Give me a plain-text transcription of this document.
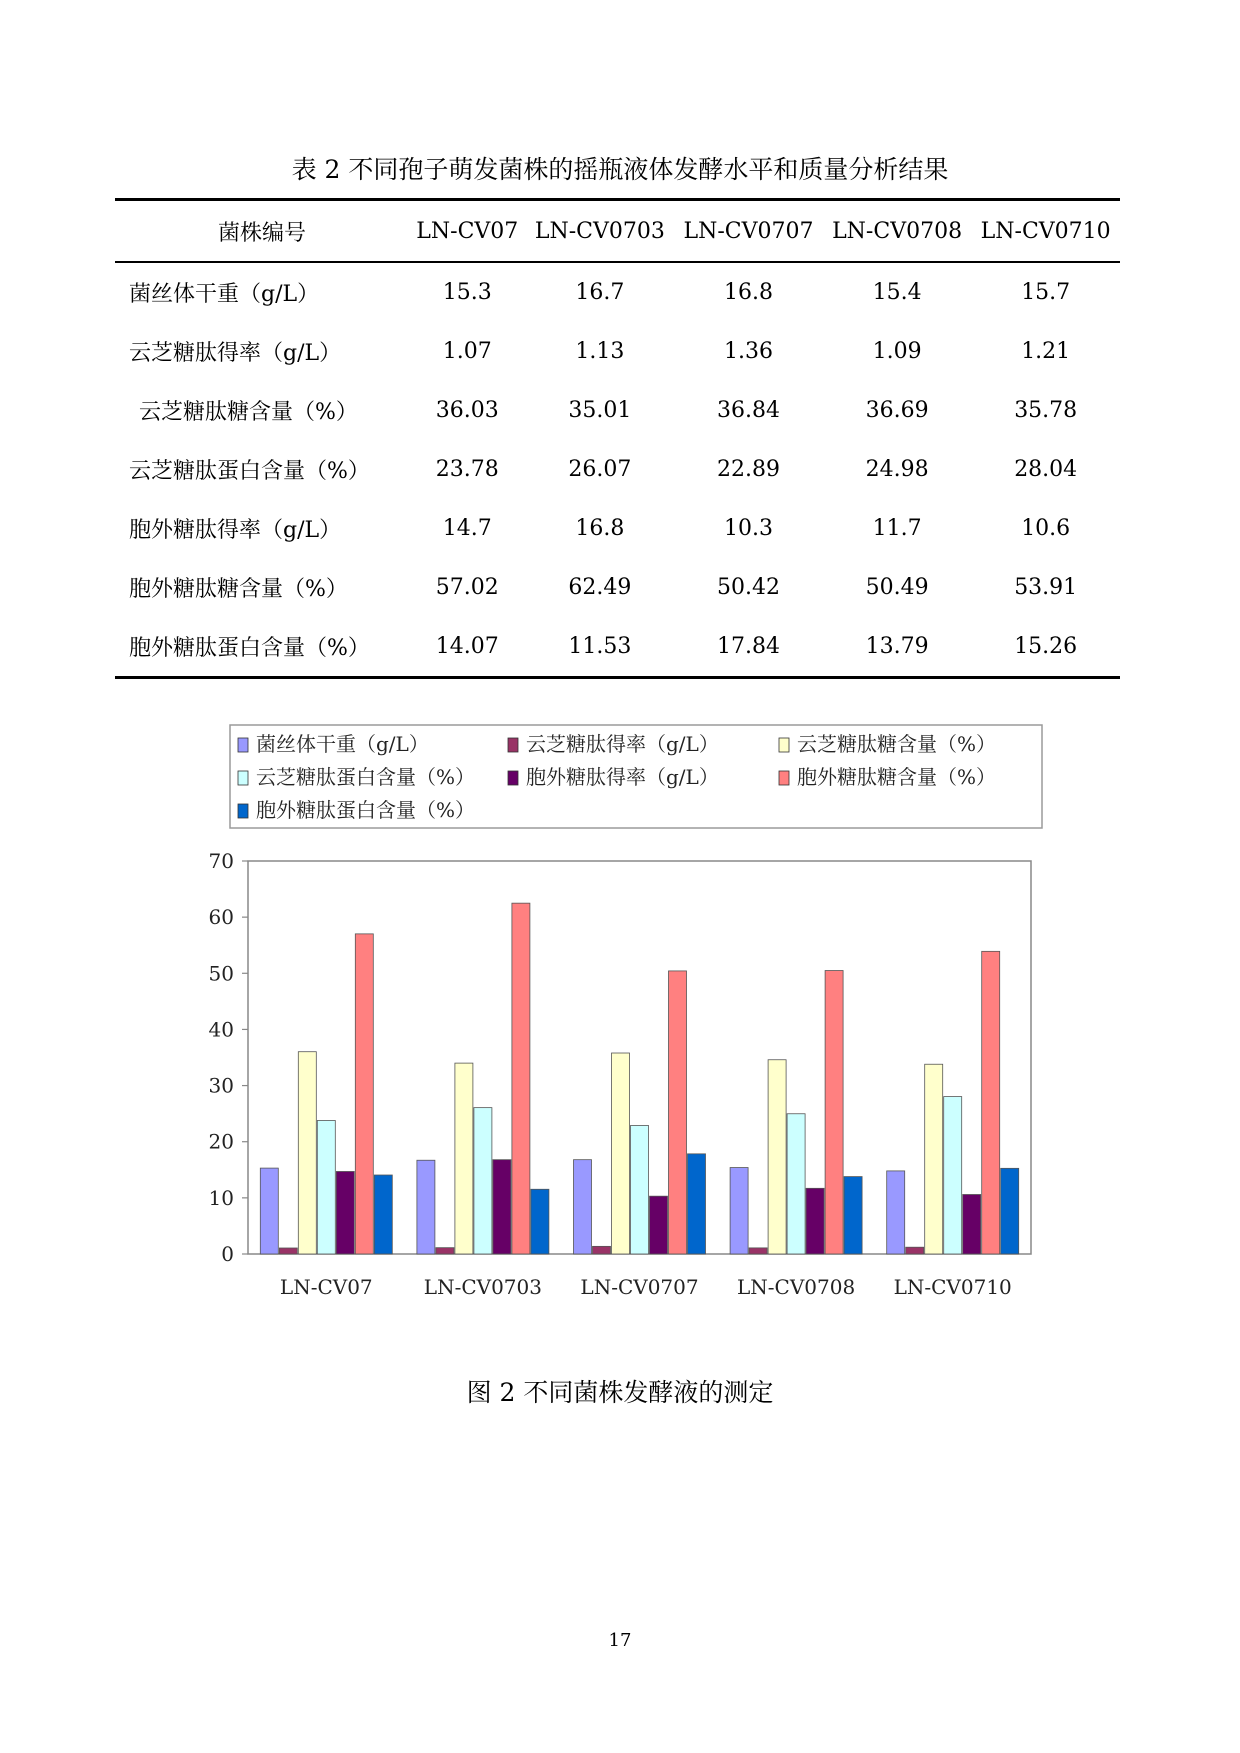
表 2 不同孢子萌发菌株的摇瓶液体发酵水平和质量分析结果
菌株编号	LN-CV07	LN-CV0703	LN-CV0707	LN-CV0708	LN-CV0710
菌丝体干重（g/L）	15.3	16.7	16.8	15.4	15.7
云芝糖肽得率（g/L）	1.07	1.13	1.36	1.09	1.21
云芝糖肽糖含量（%）	36.03	35.01	36.84	36.69	35.78
云芝糖肽蛋白含量（%）	23.78	26.07	22.89	24.98	28.04
胞外糖肽得率（g/L）	14.7	16.8	10.3	11.7	10.6
胞外糖肽糖含量（%）	57.02	62.49	50.42	50.49	53.91
胞外糖肽蛋白含量（%）	14.07	11.53	17.84	13.79	15.26
菌丝体干重（g/L）	云芝糖肽得率（g/L）	云芝糖肽糖含量（%）
云芝糖肽蛋白含量（%）	胞外糖肽得率（g/L）	胞外糖肽糖含量（%）
胞外糖肽蛋白含量（%）
0
10
20
30
40
50
60
70
LN-CV07	LN-CV0703 LN-CV0707 LN-CV0708 LN-CV0710
图 2 不同菌株发酵液的测定
17
